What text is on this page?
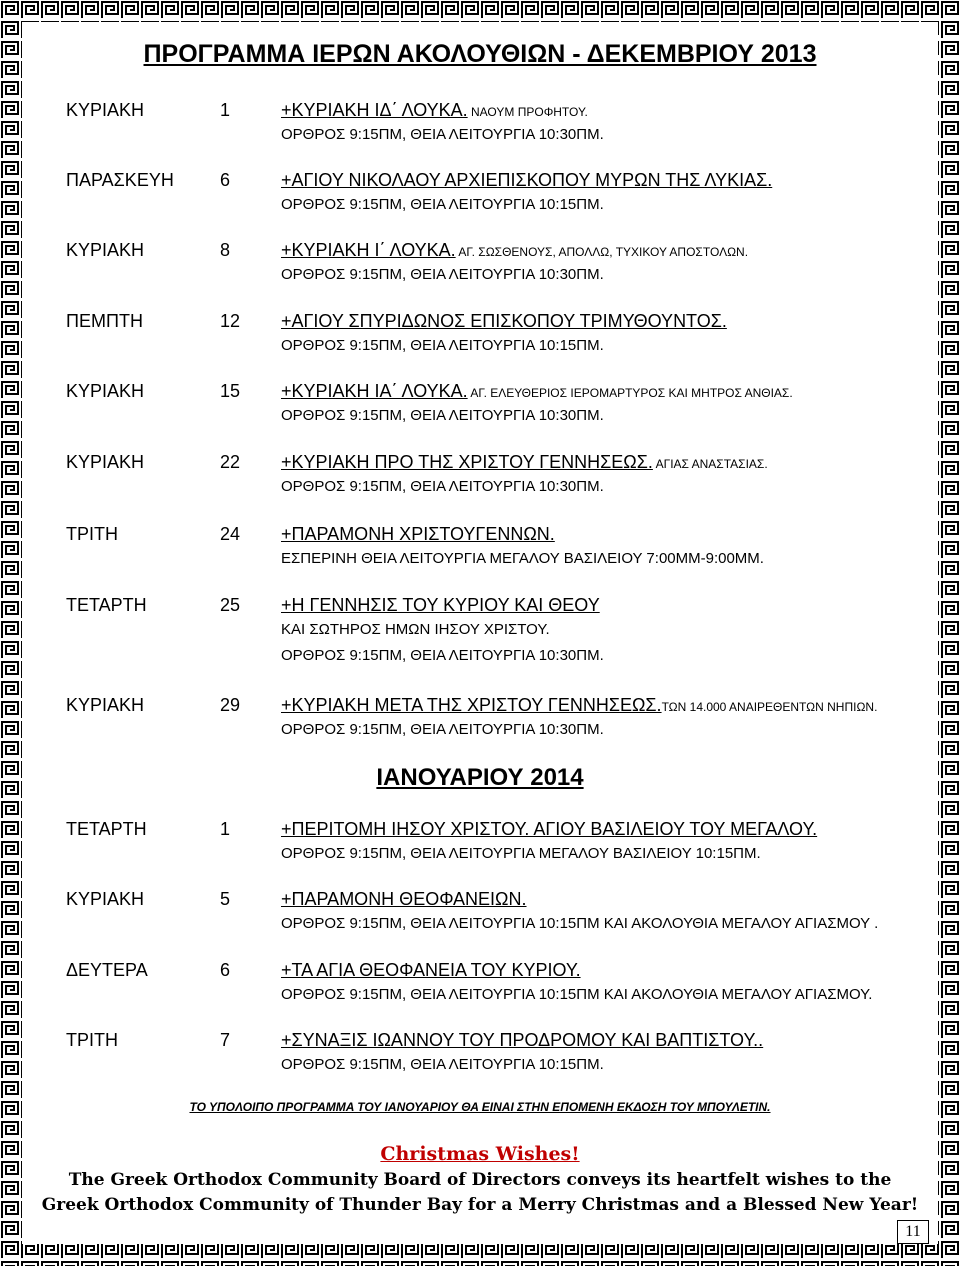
ΠΡΟΓΡΑΜΜΑ ΙΕΡΩΝ ΑΚΟΛΟΥΘΙΩΝ - ΔΕΚΕΜΒΡΙΟΥ 2013
ΚΥΡΙΑΚΗ	1	+ΚΥΡΙΑΚΗ ΙΔ΄ ΛΟΥΚΑ. ΝΑΟΥΜ ΠΡΟΦΗΤΟΥ.
ΟΡΘΡΟΣ 9:15ΠΜ, ΘΕΙΑ ΛΕΙΤΟΥΡΓΙΑ 10:30ΠΜ.
ΠΑΡΑΣΚΕΥΗ	6	+ΑΓΙΟΥ ΝΙΚΟΛΑΟΥ ΑΡΧΙΕΠΙΣΚΟΠΟΥ ΜΥΡΩΝ ΤΗΣ ΛΥΚΙΑΣ.
ΟΡΘΡΟΣ 9:15ΠΜ, ΘΕΙΑ ΛΕΙΤΟΥΡΓΙΑ 10:15ΠΜ.
ΚΥΡΙΑΚΗ	8	+ΚΥΡΙΑΚΗ Ι΄ ΛΟΥΚΑ. ΑΓ. ΣΩΣΘΕΝΟΥΣ, ΑΠΟΛΛΩ, ΤΥΧΙΚΟΥ ΑΠΟΣΤΟΛΩΝ.
ΟΡΘΡΟΣ 9:15ΠΜ, ΘΕΙΑ ΛΕΙΤΟΥΡΓΙΑ 10:30ΠΜ.
ΠΕΜΠΤΗ	12 +ΑΓΙΟΥ ΣΠΥΡΙΔΩΝΟΣ ΕΠΙΣΚΟΠΟΥ ΤΡΙΜΥΘΟΥΝΤΟΣ.
ΟΡΘΡΟΣ 9:15ΠΜ, ΘΕΙΑ ΛΕΙΤΟΥΡΓΙΑ 10:15ΠΜ.
ΚΥΡΙΑΚΗ	15 +ΚΥΡΙΑΚΗ ΙΑ΄ ΛΟΥΚΑ. ΑΓ. ΕΛΕΥΘΕΡΙΟΣ ΙΕΡΟΜΑΡΤΥΡΟΣ ΚΑΙ ΜΗΤΡΟΣ ΑΝΘΙΑΣ.
ΟΡΘΡΟΣ 9:15ΠΜ, ΘΕΙΑ ΛΕΙΤΟΥΡΓΙΑ 10:30ΠΜ.
ΚΥΡΙΑΚΗ	22 +ΚΥΡΙΑΚΗ ΠΡΟ ΤΗΣ ΧΡΙΣΤΟΥ ΓΕΝΝΗΣΕΩΣ. ΑΓΙΑΣ ΑΝΑΣΤΑΣΙΑΣ.
ΟΡΘΡΟΣ 9:15ΠΜ, ΘΕΙΑ ΛΕΙΤΟΥΡΓΙΑ 10:30ΠΜ.
ΤΡΙΤΗ	24 +ΠΑΡΑΜΟΝΗ ΧΡΙΣΤΟΥΓΕΝΝΩΝ.
ΕΣΠΕΡΙΝΗ ΘΕΙΑ ΛΕΙΤΟΥΡΓΙΑ ΜΕΓΑΛΟΥ ΒΑΣΙΛΕΙΟΥ 7:00ΜΜ-9:00ΜΜ.
ΤΕΤΑΡΤΗ	25 +Η ΓΕΝΝΗΣΙΣ ΤΟΥ ΚΥΡΙΟΥ ΚΑΙ ΘΕΟΥ
ΚΑΙ ΣΩΤΗΡΟΣ ΗΜΩΝ ΙΗΣΟΥ ΧΡΙΣΤΟΥ.
ΟΡΘΡΟΣ 9:15ΠΜ, ΘΕΙΑ ΛΕΙΤΟΥΡΓΙΑ 10:30ΠΜ.
ΚΥΡΙΑΚΗ	29 +ΚΥΡΙΑΚΗ ΜΕΤΑ ΤΗΣ ΧΡΙΣΤΟΥ ΓΕΝΝΗΣΕΩΣ.ΤΩΝ 14.000 ΑΝΑΙΡΕΘΕΝΤΩΝ ΝΗΠΙΩΝ.
ΟΡΘΡΟΣ 9:15ΠΜ, ΘΕΙΑ ΛΕΙΤΟΥΡΓΙΑ 10:30ΠΜ.
ΙΑΝΟΥΑΡΙΟΥ 2014
ΤΕΤΑΡΤΗ	1	+ΠΕΡΙΤΟΜΗ ΙΗΣΟΥ ΧΡΙΣΤΟΥ. ΑΓΙΟΥ ΒΑΣΙΛΕΙΟΥ ΤΟΥ ΜΕΓΑΛΟΥ.
ΟΡΘΡΟΣ 9:15ΠΜ, ΘΕΙΑ ΛΕΙΤΟΥΡΓΙΑ ΜΕΓΑΛΟΥ ΒΑΣΙΛΕΙΟΥ 10:15ΠΜ.
ΚΥΡΙΑΚΗ	5	+ΠΑΡΑΜΟΝΗ ΘΕΟΦΑΝΕΙΩΝ.
ΟΡΘΡΟΣ 9:15ΠΜ, ΘΕΙΑ ΛΕΙΤΟΥΡΓΙΑ 10:15ΠΜ ΚΑΙ ΑΚΟΛΟΥΘΙΑ ΜΕΓΑΛΟΥ ΑΓΙΑΣΜΟΥ .
ΔΕΥΤΕΡΑ	6	+ΤΑ ΑΓΙΑ ΘΕΟΦΑΝΕΙΑ ΤΟΥ ΚΥΡΙΟΥ.
ΟΡΘΡΟΣ 9:15ΠΜ, ΘΕΙΑ ΛΕΙΤΟΥΡΓΙΑ 10:15ΠΜ ΚΑΙ ΑΚΟΛΟΥΘΙΑ ΜΕΓΑΛΟΥ ΑΓΙΑΣΜΟΥ.
ΤΡΙΤΗ	7	+ΣΥΝΑΞΙΣ ΙΩΑΝΝΟΥ ΤΟΥ ΠΡΟΔΡΟΜΟΥ ΚΑΙ ΒΑΠΤΙΣΤΟΥ..
ΟΡΘΡΟΣ 9:15ΠΜ, ΘΕΙΑ ΛΕΙΤΟΥΡΓΙΑ 10:15ΠΜ.
ΤΟ ΥΠΟΛΟΙΠΟ ΠΡΟΓΡΑΜΜΑ ΤΟΥ ΙΑΝΟΥΑΡΙΟΥ ΘΑ ΕΙΝΑΙ ΣΤΗΝ ΕΠΟΜΕΝΗ ΕΚΔΟΣΗ ΤΟΥ ΜΠΟΥΛΕΤΙΝ.
Christmas Wishes!
The Greek Orthodox Community Board of Directors conveys its heartfelt wishes to the
Greek Orthodox Community of Thunder Bay for a Merry Christmas and a Blessed New Year!
11
